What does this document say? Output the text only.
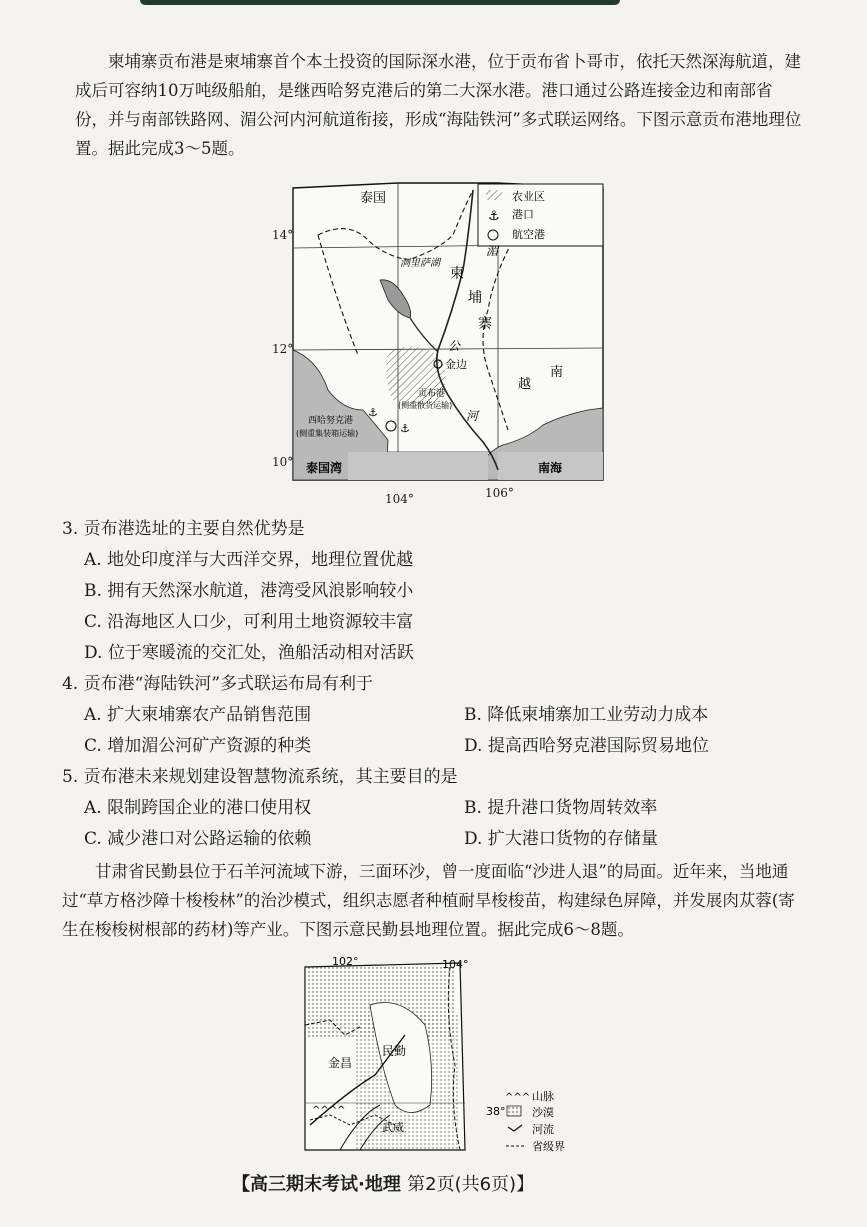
柬埔寨贡布港是柬埔寨首个本土投资的国际深水港，位于贡布省卜哥市，依托天然深海航道，建成后可容纳10万吨级船舶，是继西哈努克港后的第二大深水港。港口通过公路连接金边和南部省份，并与南部铁路网、湄公河内河航道衔接，形成“海陆铁河”多式联运网络。下图示意贡布港地理位置。据此完成3～5题。

农业区
⚓ 港口
航空港
泰国
洞里萨湖
柬
埔
寨
湄
公
河
金边
越
南
贡布港
(侧重散货运输)
西哈努克港
(侧重集装箱运输)	⚓
⚓
泰国湾	南海
14°
12°
10°
104°	106°
3. 贡布港选址的主要自然优势是
A. 地处印度洋与大西洋交界，地理位置优越
B. 拥有天然深水航道，港湾受风浪影响较小
C. 沿海地区人口少，可利用土地资源较丰富
D. 位于寒暖流的交汇处，渔船活动相对活跃
4. 贡布港“海陆铁河”多式联运布局有利于
A. 扩大柬埔寨农产品销售范围	B. 降低柬埔寨加工业劳动力成本
C. 增加湄公河矿产资源的种类	D. 提高西哈努克港国际贸易地位
5. 贡布港未来规划建设智慧物流系统，其主要目的是
A. 限制跨国企业的港口使用权	B. 提升港口货物周转效率
C. 减少港口对公路运输的依赖	D. 扩大港口货物的存储量

甘肃省民勤县位于石羊河流域下游，三面环沙，曾一度面临“沙进人退”的局面。近年来，当地通过“草方格沙障十梭梭林”的治沙模式，组织志愿者种植耐旱梭梭苗，构建绿色屏障，并发展肉苁蓉(寄生在梭梭树根部的药材)等产业。下图示意民勤县地理位置。据此完成6～8题。

^^^^
金昌
民勤
武威
102°	104°
38°
^^^ 山脉
沙漠
河流
省级界
【高三期末考试·地理 第2页(共6页)】
